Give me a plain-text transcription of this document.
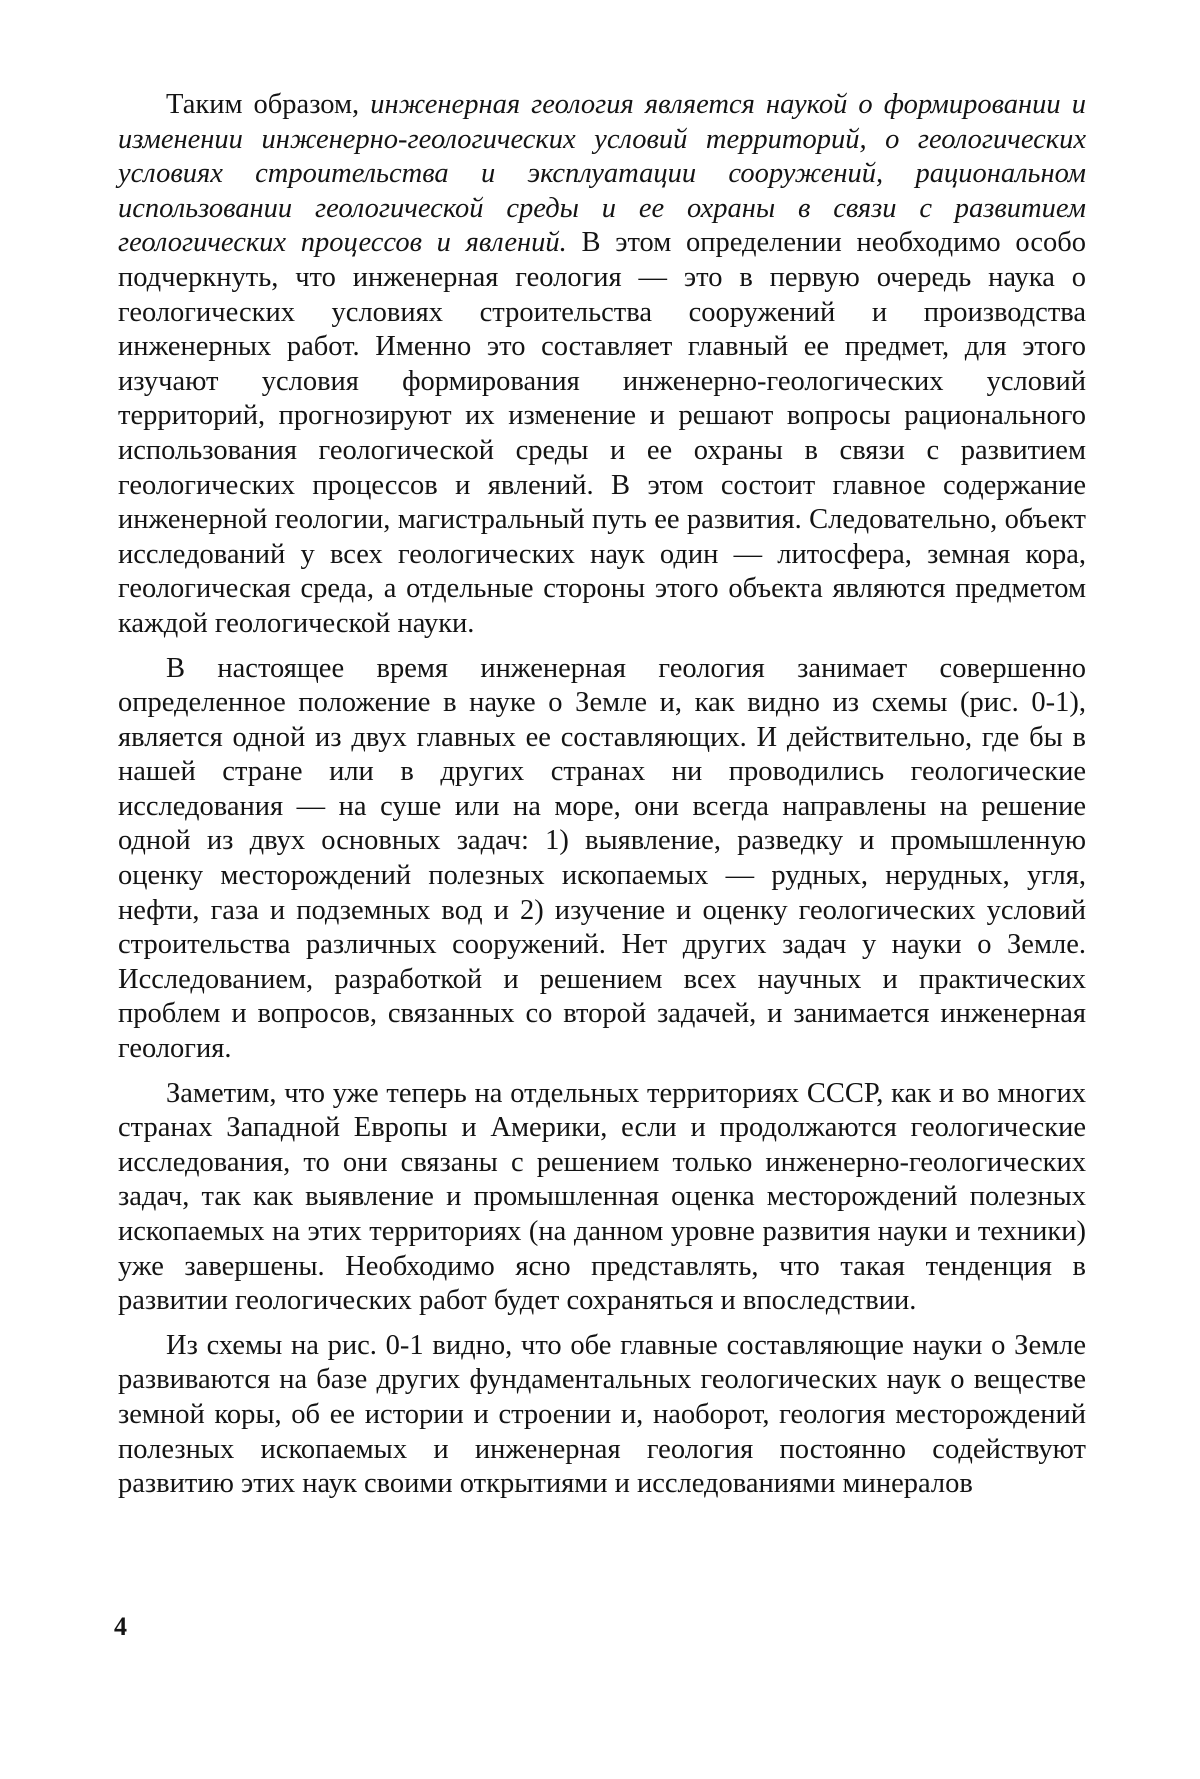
Таким образом, инженерная геология является наукой о формировании и изменении инженерно-геологических условий территорий, о геологических условиях строительства и эксплуатации сооружений, рациональном использовании геологической среды и ее охраны в связи с развитием геологических процессов и явлений. В этом определении необходимо особо подчеркнуть, что инженерная геология — это в первую очередь наука о геологических условиях строительства сооружений и производства инженерных работ. Именно это составляет главный ее предмет, для этого изучают условия формирования инженерно-геологических условий территорий, прогнозируют их изменение и решают вопросы рационального использования геологической среды и ее охраны в связи с развитием геологических процессов и явлений. В этом состоит главное содержание инженерной геологии, магистральный путь ее развития. Следовательно, объект исследований у всех геологических наук один — литосфера, земная кора, геологическая среда, а отдельные стороны этого объекта являются предметом каждой геологической науки.

В настоящее время инженерная геология занимает совершенно определенное положение в науке о Земле и, как видно из схемы (рис. 0-1), является одной из двух главных ее составляющих. И действительно, где бы в нашей стране или в других странах ни проводились геологические исследования — на суше или на море, они всегда направлены на решение одной из двух основных задач: 1) выявление, разведку и промышленную оценку месторождений полезных ископаемых — рудных, нерудных, угля, нефти, газа и подземных вод и 2) изучение и оценку геологических условий строительства различных сооружений. Нет других задач у науки о Земле. Исследованием, разработкой и решением всех научных и практических проблем и вопросов, связанных со второй задачей, и занимается инженерная геология.

Заметим, что уже теперь на отдельных территориях СССР, как и во многих странах Западной Европы и Америки, если и продолжаются геологические исследования, то они связаны с решением только инженерно-геологических задач, так как выявление и промышленная оценка месторождений полезных ископаемых на этих территориях (на данном уровне развития науки и техники) уже завершены. Необходимо ясно представлять, что такая тенденция в развитии геологических работ будет сохраняться и впоследствии.

Из схемы на рис. 0-1 видно, что обе главные составляющие науки о Земле развиваются на базе других фундаментальных геологических наук о веществе земной коры, об ее истории и строении и, наоборот, геология месторождений полезных ископаемых и инженерная геология постоянно содействуют развитию этих наук своими открытиями и исследованиями минералов

4
